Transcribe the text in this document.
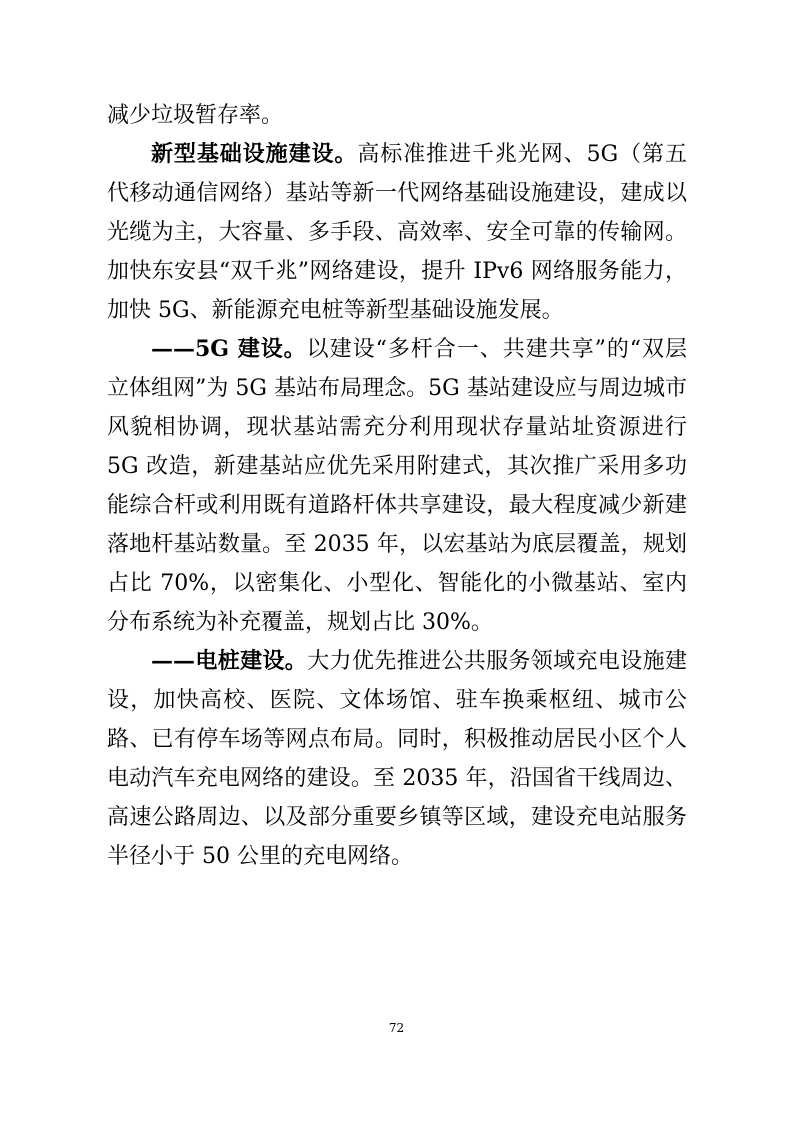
减少垃圾暂存率。

新型基础设施建设。高标准推进千兆光网、5G（第五代移动通信网络）基站等新一代网络基础设施建设，建成以光缆为主，大容量、多手段、高效率、安全可靠的传输网。加快东安县“双千兆”网络建设，提升 IPv6 网络服务能力，加快 5G、新能源充电桩等新型基础设施发展。

——5G 建设。以建设“多杆合一、共建共享”的“双层立体组网”为 5G 基站布局理念。5G 基站建设应与周边城市风貌相协调，现状基站需充分利用现状存量站址资源进行 5G 改造，新建基站应优先采用附建式，其次推广采用多功能综合杆或利用既有道路杆体共享建设，最大程度减少新建落地杆基站数量。至 2035 年，以宏基站为底层覆盖，规划占比 70%，以密集化、小型化、智能化的小微基站、室内分布系统为补充覆盖，规划占比 30%。

——电桩建设。大力优先推进公共服务领域充电设施建设，加快高校、医院、文体场馆、驻车换乘枢纽、城市公路、已有停车场等网点布局。同时，积极推动居民小区个人电动汽车充电网络的建设。至 2035 年，沿国省干线周边、高速公路周边、以及部分重要乡镇等区域，建设充电站服务半径小于 50 公里的充电网络。

72
